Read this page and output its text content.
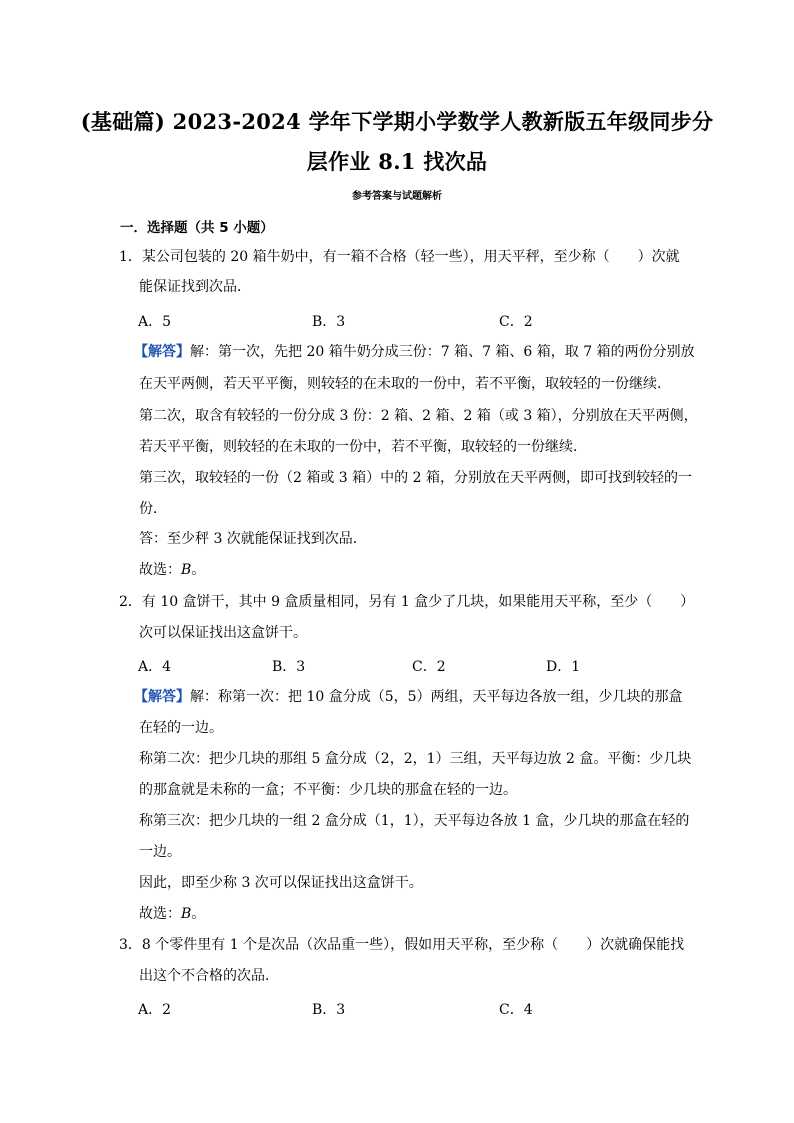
(基础篇) 2023-2024 学年下学期小学数学人教新版五年级同步分
层作业 8.1 找次品
参考答案与试题解析
一．选择题（共 5 小题）
1．某公司包装的 20 箱牛奶中，有一箱不合格（轻一些），用天平秤，至少称（　　）次就
能保证找到次品．
A．5	B．3	C．2
【解答】解：第一次，先把 20 箱牛奶分成三份：7 箱、7 箱、6 箱，取 7 箱的两份分别放
在天平两侧，若天平平衡，则较轻的在未取的一份中，若不平衡，取较轻的一份继续．
第二次，取含有较轻的一份分成 3 份：2 箱、2 箱、2 箱（或 3 箱），分别放在天平两侧，
若天平平衡，则较轻的在未取的一份中，若不平衡，取较轻的一份继续．
第三次，取较轻的一份（2 箱或 3 箱）中的 2 箱，分别放在天平两侧，即可找到较轻的一
份．
答：至少秤 3 次就能保证找到次品．
故选：B。
2．有 10 盒饼干，其中 9 盒质量相同，另有 1 盒少了几块，如果能用天平称，至少（　　）
次可以保证找出这盒饼干。
A．4	B．3	C．2	D．1
【解答】解：称第一次：把 10 盒分成（5，5）两组，天平每边各放一组，少几块的那盒
在轻的一边。
称第二次：把少几块的那组 5 盒分成（2，2，1）三组，天平每边放 2 盒。平衡：少几块
的那盒就是未称的一盒；不平衡：少几块的那盒在轻的一边。
称第三次：把少几块的一组 2 盒分成（1，1），天平每边各放 1 盒，少几块的那盒在轻的
一边。
因此，即至少称 3 次可以保证找出这盒饼干。
故选：B。
3．8 个零件里有 1 个是次品（次品重一些），假如用天平称，至少称（　　）次就确保能找
出这个不合格的次品．
A．2	B．3	C．4
